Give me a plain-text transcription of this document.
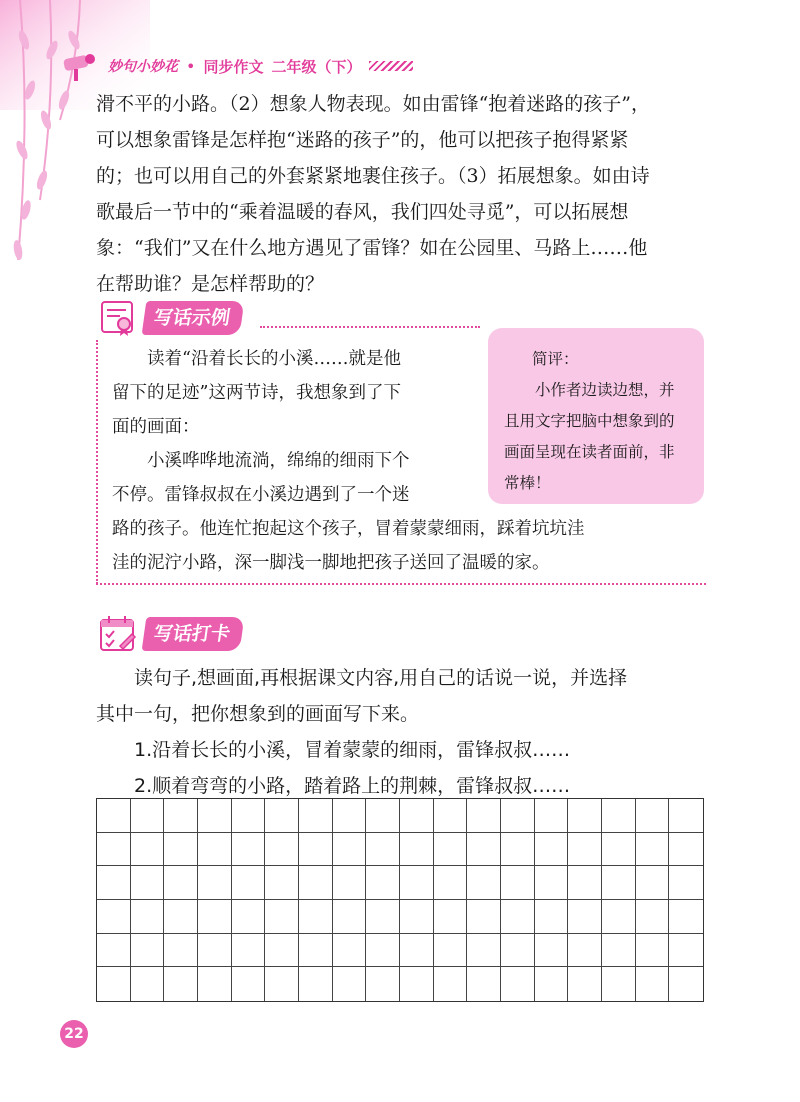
妙句小妙花 • 同步作文 二年级（下）

滑不平的小路。（2）想象人物表现。如由雷锋“抱着迷路的孩子”，
可以想象雷锋是怎样抱“迷路的孩子”的，他可以把孩子抱得紧紧
的；也可以用自己的外套紧紧地裹住孩子。（3）拓展想象。如由诗
歌最后一节中的“乘着温暖的春风，我们四处寻觅”，可以拓展想
象：“我们”又在什么地方遇见了雷锋？如在公园里、马路上……他
在帮助谁？是怎样帮助的？

写话示例

　　读着“沿着长长的小溪……就是他
留下的足迹”这两节诗，我想象到了下
面的画面：
　　小溪哗哗地流淌，绵绵的细雨下个
不停。雷锋叔叔在小溪边遇到了一个迷

路的孩子。他连忙抱起这个孩子，冒着蒙蒙细雨，踩着坑坑洼
洼的泥泞小路，深一脚浅一脚地把孩子送回了温暖的家。

简评：
　　小作者边读边想，并
且用文字把脑中想象到的
画面呈现在读者面前，非
常棒！
写话打卡

　　读句子,想画面,再根据课文内容,用自己的话说一说，并选择
其中一句，把你想象到的画面写下来。
　　1.沿着长长的小溪，冒着蒙蒙的细雨，雷锋叔叔……
　　2.顺着弯弯的小路，踏着路上的荆棘，雷锋叔叔……

22
